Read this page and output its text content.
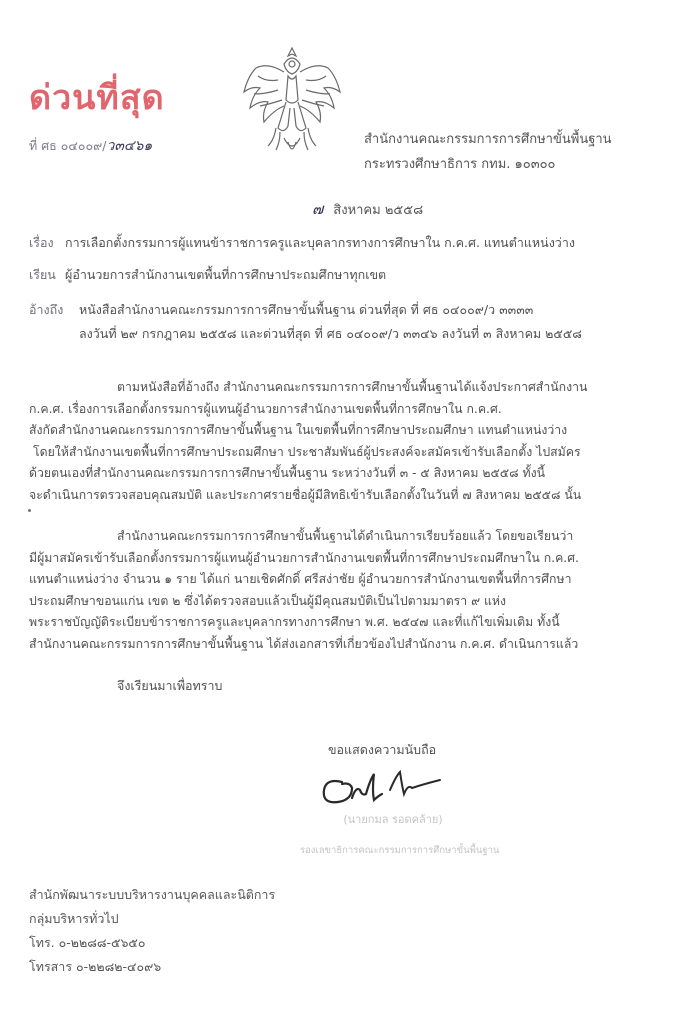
ด่วนที่สุด
ที่ ศธ ๐๔๐๐๙/ว๓๔๖๑	สำนักงานคณะกรรมการการศึกษาขั้นพื้นฐาน
กระทรวงศึกษาธิการ กทม. ๑๐๓๐๐
๗ สิงหาคม ๒๕๕๘
เรื่อง การเลือกตั้งกรรมการผู้แทนข้าราชการครูและบุคลากรทางการศึกษาใน ก.ค.ศ. แทนตำแหน่งว่าง
เรียน ผู้อำนวยการสำนักงานเขตพื้นที่การศึกษาประถมศึกษาทุกเขต
อ้างถึง หนังสือสำนักงานคณะกรรมการการศึกษาขั้นพื้นฐาน ด่วนที่สุด ที่ ศธ ๐๔๐๐๙/ว ๓๓๓๓
ลงวันที่ ๒๙ กรกฎาคม ๒๕๕๘ และด่วนที่สุด ที่ ศธ ๐๔๐๐๙/ว ๓๓๔๖ ลงวันที่ ๓ สิงหาคม ๒๕๕๘
ตามหนังสือที่อ้างถึง สำนักงานคณะกรรมการการศึกษาขั้นพื้นฐานได้แจ้งประกาศสำนักงาน
ก.ค.ศ. เรื่องการเลือกตั้งกรรมการผู้แทนผู้อำนวยการสำนักงานเขตพื้นที่การศึกษาใน ก.ค.ศ.
สังกัดสำนักงานคณะกรรมการการศึกษาขั้นพื้นฐาน ในเขตพื้นที่การศึกษาประถมศึกษา แทนตำแหน่งว่าง
โดยให้สำนักงานเขตพื้นที่การศึกษาประถมศึกษา ประชาสัมพันธ์ผู้ประสงค์จะสมัครเข้ารับเลือกตั้ง ไปสมัคร
ด้วยตนเองที่สำนักงานคณะกรรมการการศึกษาขั้นพื้นฐาน ระหว่างวันที่ ๓ - ๕ สิงหาคม ๒๕๕๘ ทั้งนี้
จะดำเนินการตรวจสอบคุณสมบัติ และประกาศรายชื่อผู้มีสิทธิเข้ารับเลือกตั้งในวันที่ ๗ สิงหาคม ๒๕๕๘ นั้น
สำนักงานคณะกรรมการการศึกษาขั้นพื้นฐานได้ดำเนินการเรียบร้อยแล้ว โดยขอเรียนว่า
มีผู้มาสมัครเข้ารับเลือกตั้งกรรมการผู้แทนผู้อำนวยการสำนักงานเขตพื้นที่การศึกษาประถมศึกษาใน ก.ค.ศ.
แทนตำแหน่งว่าง จำนวน ๑ ราย ได้แก่ นายเชิดศักดิ์ ศรีสง่าชัย ผู้อำนวยการสำนักงานเขตพื้นที่การศึกษา
ประถมศึกษาขอนแก่น เขต ๒ ซึ่งได้ตรวจสอบแล้วเป็นผู้มีคุณสมบัติเป็นไปตามมาตรา ๙ แห่ง
พระราชบัญญัติระเบียบข้าราชการครูและบุคลากรทางการศึกษา พ.ศ. ๒๕๔๗ และที่แก้ไขเพิ่มเติม ทั้งนี้
สำนักงานคณะกรรมการการศึกษาขั้นพื้นฐาน ได้ส่งเอกสารที่เกี่ยวข้องไปสำนักงาน ก.ค.ศ. ดำเนินการแล้ว
จึงเรียนมาเพื่อทราบ
ขอแสดงความนับถือ
(นายกมล รอดคล้าย)
รองเลขาธิการคณะกรรมการการศึกษาขั้นพื้นฐาน
สำนักพัฒนาระบบบริหารงานบุคคลและนิติการ
กลุ่มบริหารทั่วไป
โทร. ๐-๒๒๘๘-๕๖๕๐
โทรสาร ๐-๒๒๘๒-๔๐๙๖
